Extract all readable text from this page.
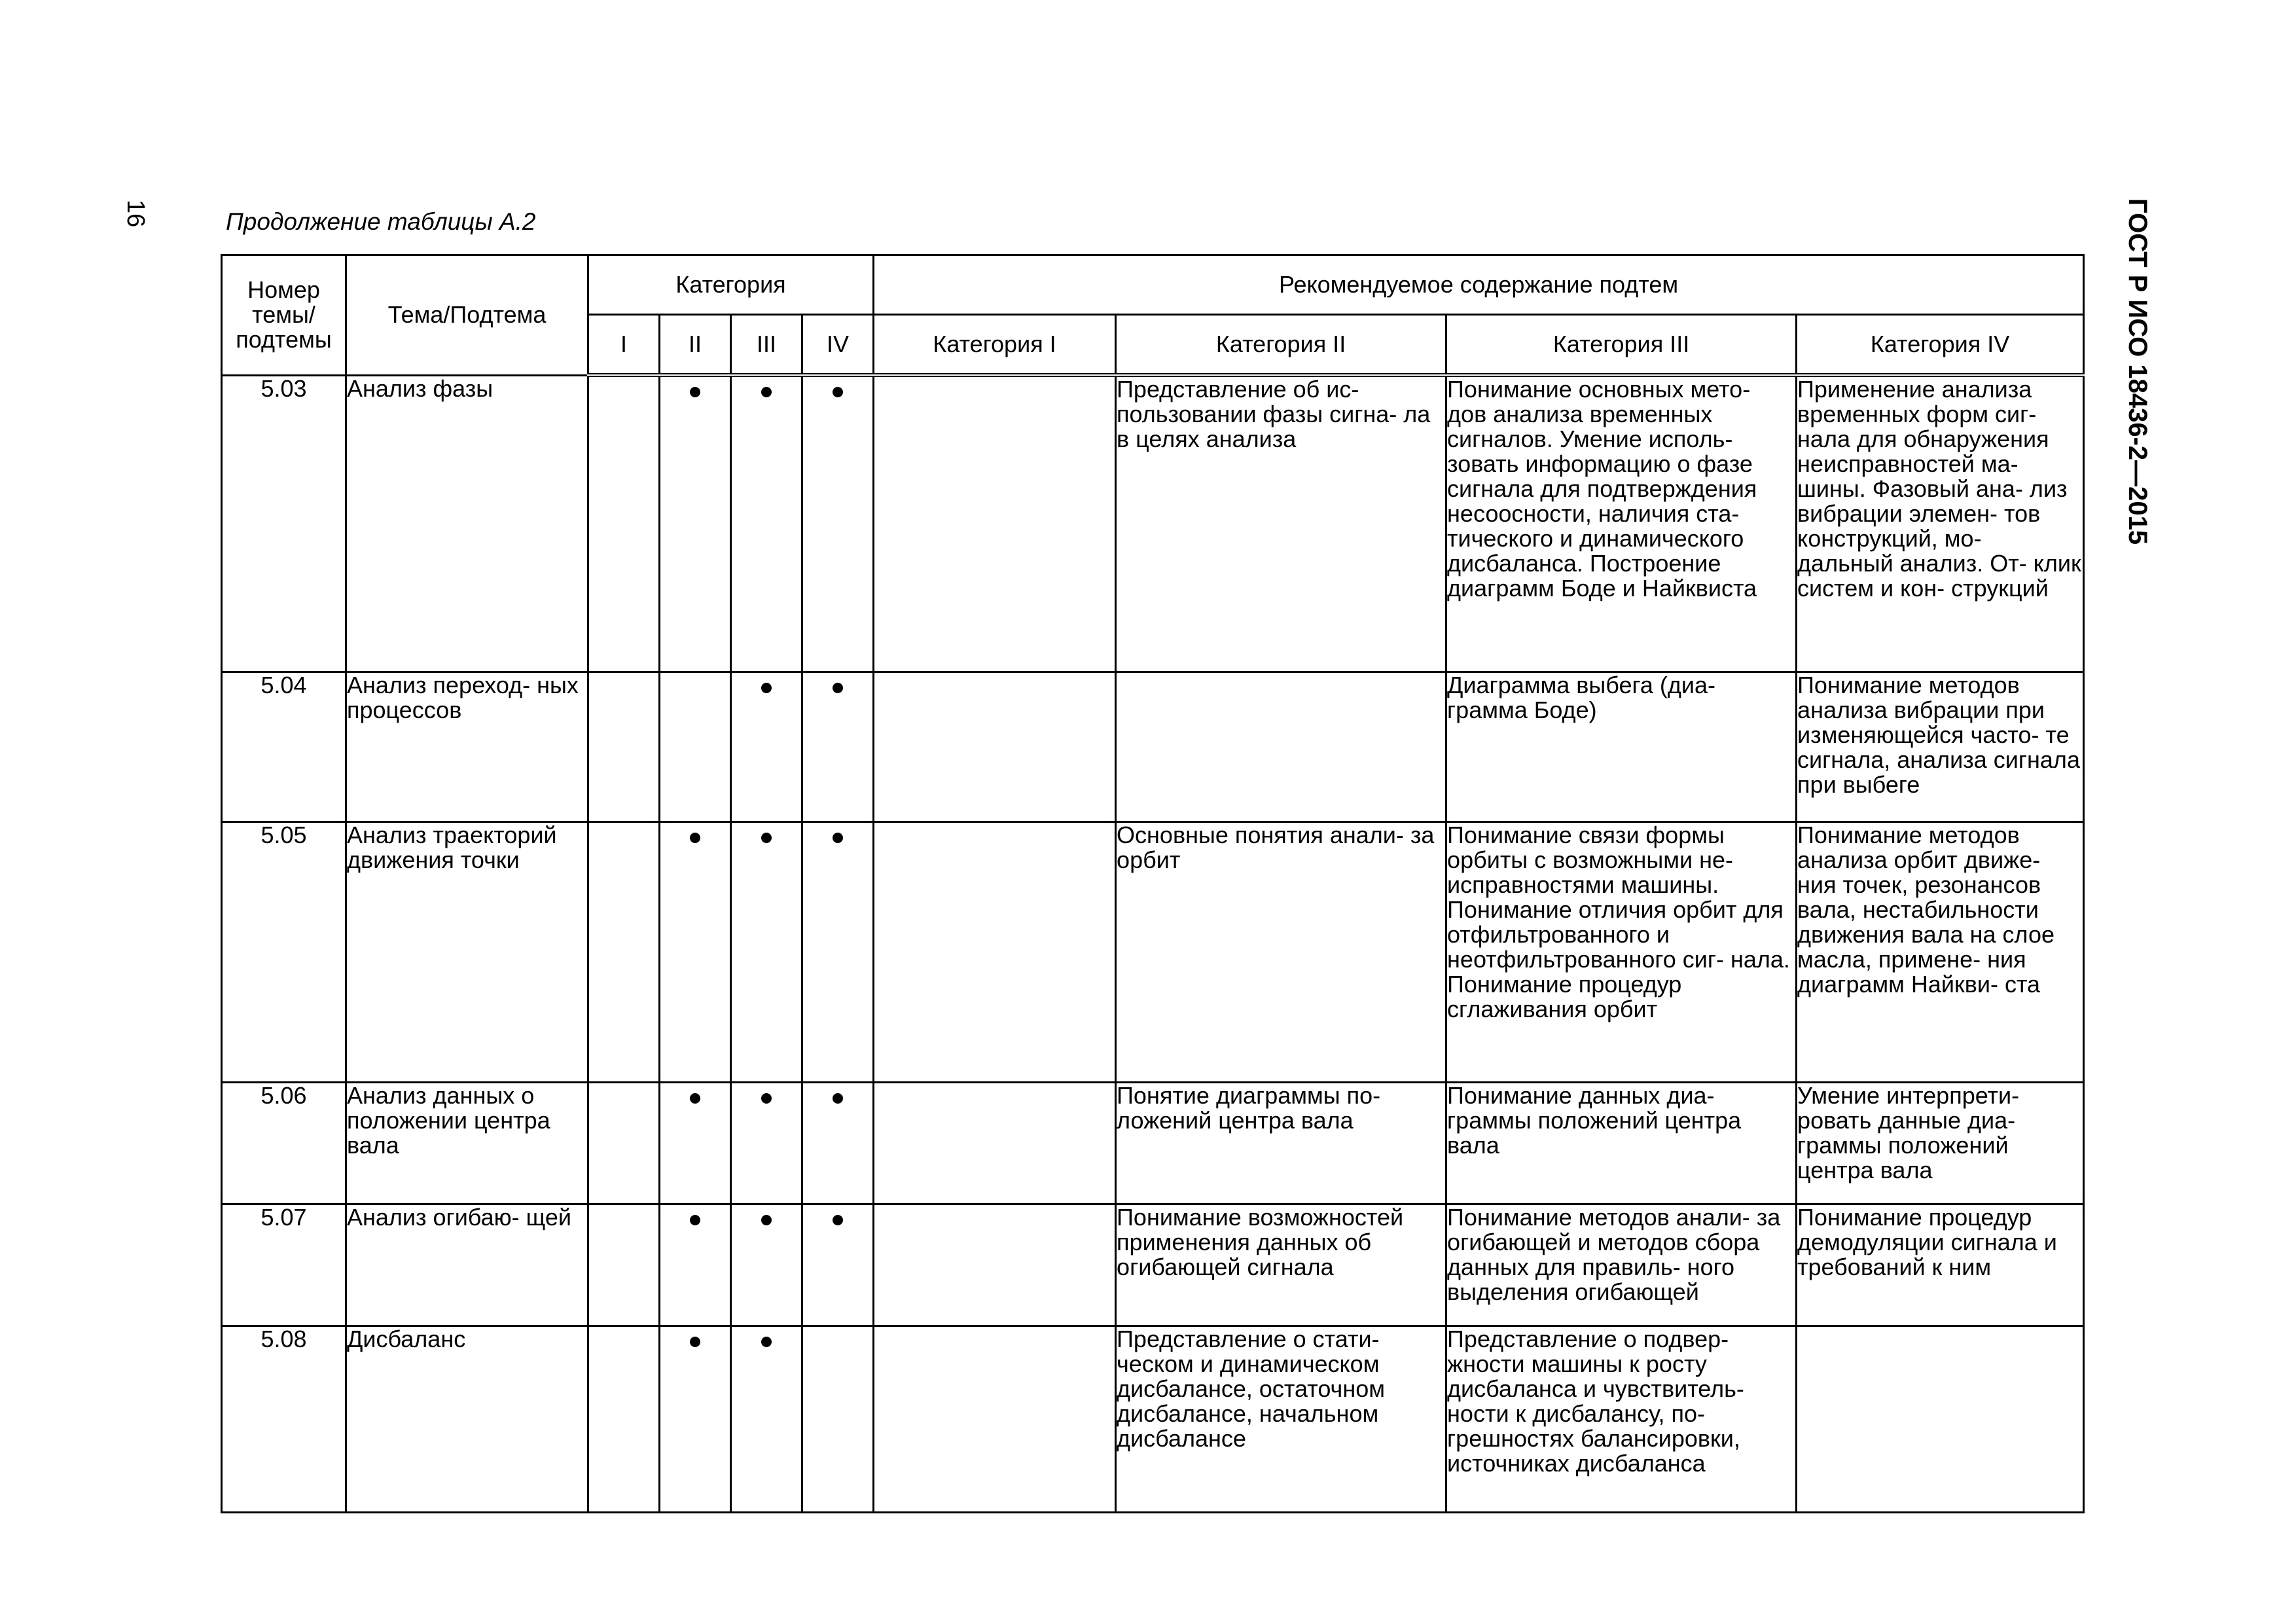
16	ГОСТ Р ИСО 18436-2—2015
Продолжение таблицы А.2
Номер темы/ подтемы	Тема/Подтема	Категория				Рекомендуемое содержание подтем			
		I	II	III	IV	Категория I	Категория II	Категория III	Категория IV
5.03	Анализ фазы						Представление об ис- пользовании фазы сигна- ла в целях анализа	Понимание основных мето- дов анализа временных сигналов. Умение исполь- зовать информацию о фазе сигнала для подтверждения несоосности, наличия ста- тического и динамического дисбаланса. Построение диаграмм Боде и Найквиста	Применение анализа временных форм сиг- нала для обнаружения неисправностей ма- шины. Фазовый ана- лиз вибрации элемен- тов конструкций, мо- дальный анализ. От- клик систем и кон- струкций
5.04	Анализ переход- ных процессов							Диаграмма выбега (диа- грамма Боде)	Понимание методов анализа вибрации при изменяющейся часто- те сигнала, анализа сигнала при выбеге
5.05	Анализ траекторий движения точки						Основные понятия анали- за орбит	Понимание связи формы орбиты с возможными не- исправностями машины. Понимание отличия орбит для отфильтрованного и неотфильтрованного сиг- нала. Понимание процедур сглаживания орбит	Понимание методов анализа орбит движе- ния точек, резонансов вала, нестабильности движения вала на слое масла, примене- ния диаграмм Найкви- ста
5.06	Анализ данных о положении центра вала						Понятие диаграммы по- ложений центра вала	Понимание данных диа- граммы положений центра вала	Умение интерпрети- ровать данные диа- граммы положений центра вала
5.07	Анализ огибаю- щей						Понимание возможностей применения данных об огибающей сигнала	Понимание методов анали- за огибающей и методов сбора данных для правиль- ного выделения огибающей	Понимание процедур демодуляции сигнала и требований к ним
5.08	Дисбаланс						Представление о стати- ческом и динамическом дисбалансе, остаточном дисбалансе, начальном дисбалансе	Представление о подвер- жности машины к росту дисбаланса и чувствитель- ности к дисбалансу, по- грешностях балансировки, источниках дисбаланса	
